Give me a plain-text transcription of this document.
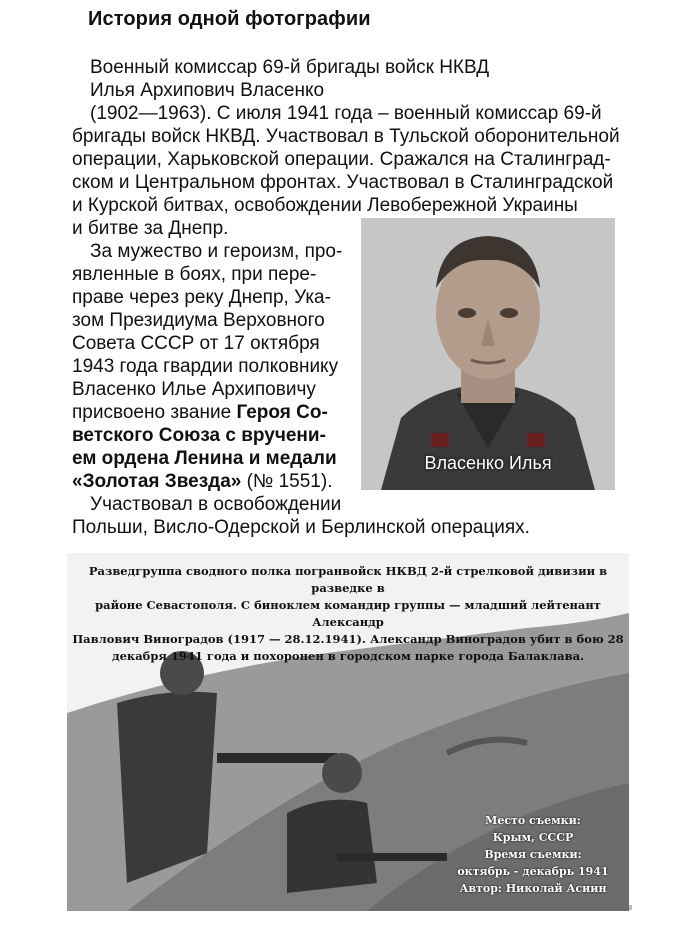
История одной фотографии
Военный комиссар 69-й бригады войск НКВД
Илья Архипович Власенко
(1902—1963). С июля 1941 года – военный комиссар 69-й
бригады войск НКВД. Участвовал в Тульской оборонительной
операции, Харьковской операции. Сражался на Сталинград-
ском и Центральном фронтах. Участвовал в Сталинградской
и Курской битвах, освобождении Левобережной Украины
и битве за Днепр.
За мужество и героизм, про-
явленные в боях, при пере-
праве через реку Днепр, Ука-
зом Президиума Верховного
Совета СССР от 17 октября
1943 года гвардии полковнику
Власенко Илье Архиповичу
присвоено звание Героя Со-
ветского Союза с вручени-
ем ордена Ленина и медали
«Золотая Звезда» (№ 1551).
Участвовал в освобождении
Польши, Висло-Одерской и Берлинской операциях.
Власенко Илья
Разведгруппа сводного полка погранвойск НКВД 2-й стрелковой дивизии в разведке в
районе Севастополя. С биноклем командир группы — младший лейтенант Александр
Павлович Виноградов (1917 — 28.12.1941). Александр Виноградов убит в бою 28
декабря 1941 года и похоронен в городском парке города Балаклава.
Место съемки:
Крым, СССР
Время съемки:
октябрь - декабрь 1941
Автор: Николай Асиин
